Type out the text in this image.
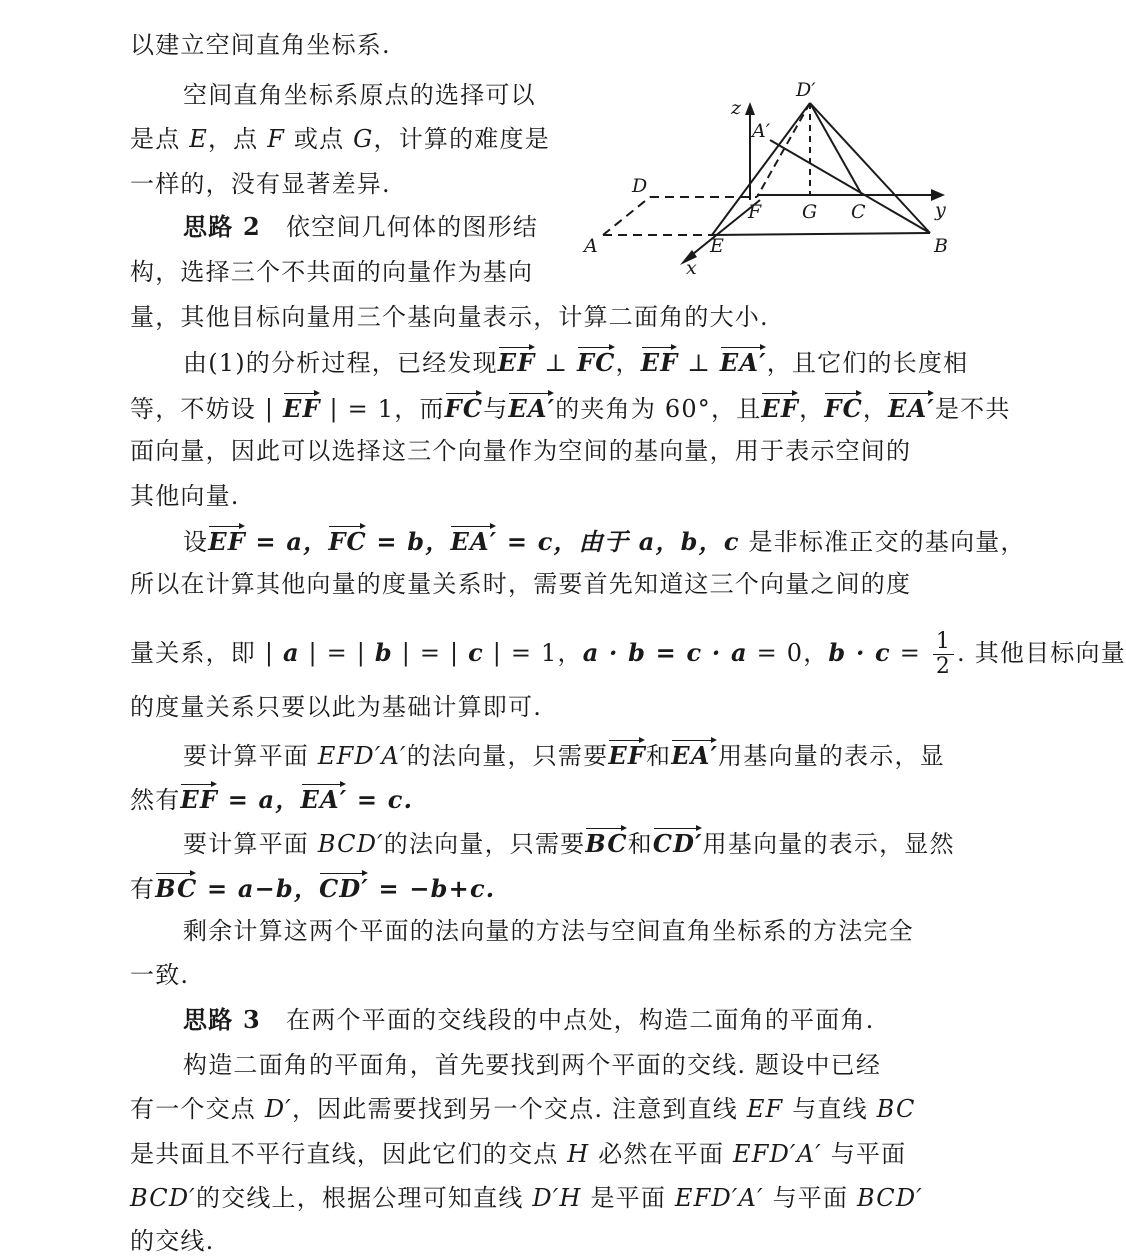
D′
z
A′
D
F G C	y
A	E	B
x
以建立空间直角坐标系.
空间直角坐标系原点的选择可以
是点 E，点 F 或点 G，计算的难度是
一样的，没有显著差异.
思路 2　依空间几何体的图形结
构，选择三个不共面的向量作为基向
量，其他目标向量用三个基向量表示，计算二面角的大小.
由(1)的分析过程，已经发现EF ⊥ FC，EF ⊥ EA′，且它们的长度相
等，不妨设 | EF | = 1，而FC与EA′的夹角为 60°，且EF，FC，EA′是不共
面向量，因此可以选择这三个向量作为空间的基向量，用于表示空间的
其他向量.
设EF = a，FC = b，EA′ = c，由于 a，b，c 是非标准正交的基向量，
所以在计算其他向量的度量关系时，需要首先知道这三个向量之间的度
量关系，即 | a | = | b | = | c | = 1，a · b = c · a = 0，$b \cdot c = \frac{1}{2}$ . 其他目标向量
的度量关系只要以此为基础计算即可.
要计算平面 EFD′A′的法向量，只需要EF和EA′用基向量的表示，显
然有EF = a，EA′ = c.
要计算平面 BCD′的法向量，只需要BC和CD′用基向量的表示，显然
有BC = a−b，CD′ = −b+c.
剩余计算这两个平面的法向量的方法与空间直角坐标系的方法完全
一致.
思路 3　在两个平面的交线段的中点处，构造二面角的平面角.
构造二面角的平面角，首先要找到两个平面的交线. 题设中已经
有一个交点 D′，因此需要找到另一个交点. 注意到直线 EF 与直线 BC
是共面且不平行直线，因此它们的交点 H 必然在平面 EFD′A′ 与平面
BCD′的交线上，根据公理可知直线 D′H 是平面 EFD′A′ 与平面 BCD′
的交线.
